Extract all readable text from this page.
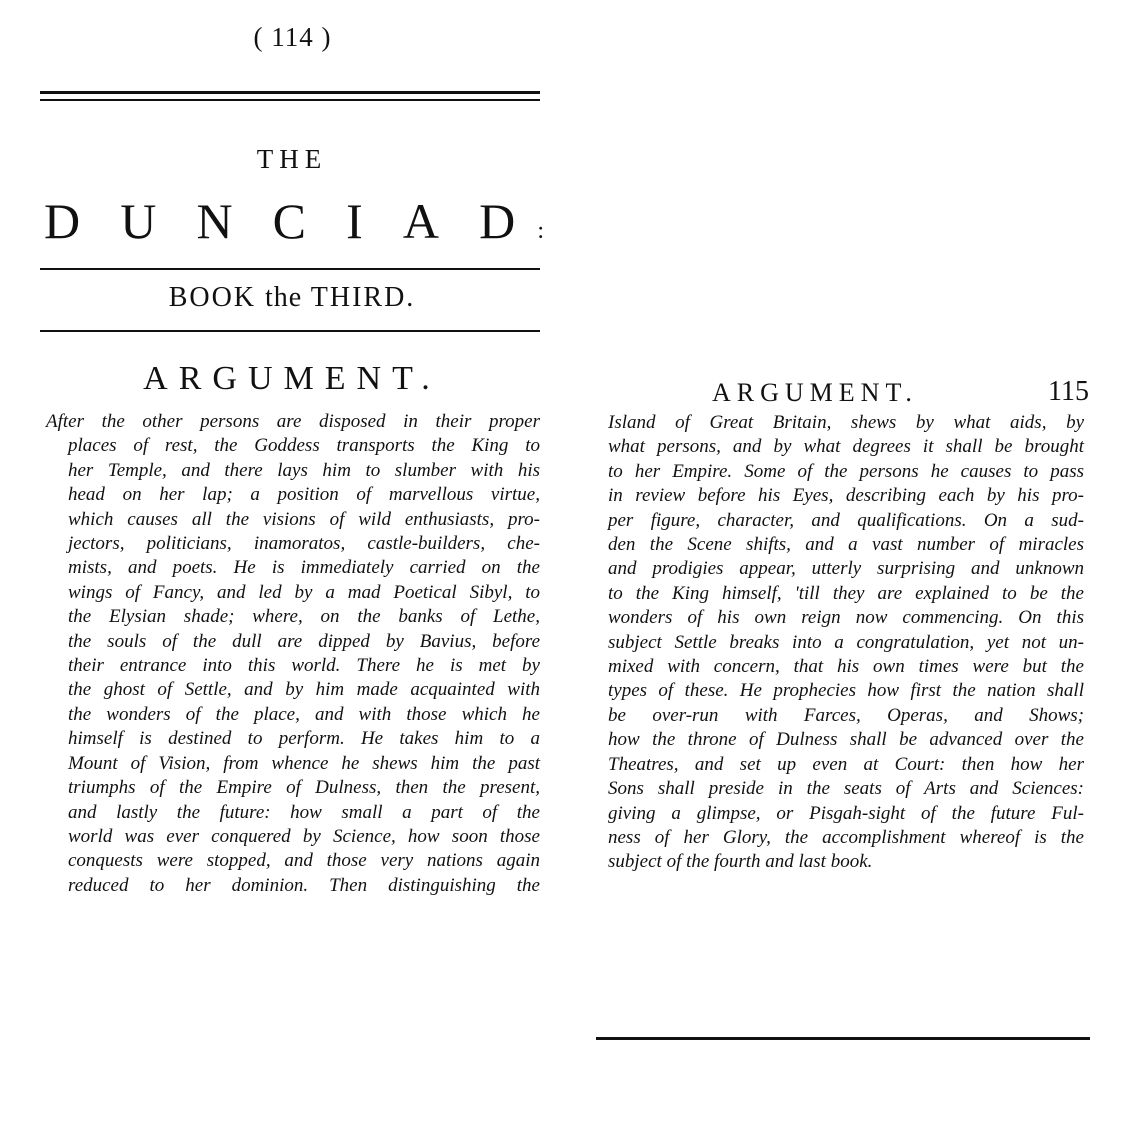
( 114 )
THE
D U N C I A D :
BOOK the THIRD.
ARGUMENT.
After the other persons are disposed in their proper
places of rest, the Goddess transports the King to
her Temple, and there lays him to slumber with his
head on her lap; a position of marvellous virtue,
which causes all the visions of wild enthusiasts, pro-
jectors, politicians, inamoratos, castle-builders, che-
mists, and poets. He is immediately carried on the
wings of Fancy, and led by a mad Poetical Sibyl, to
the Elysian shade; where, on the banks of Lethe,
the souls of the dull are dipped by Bavius, before
their entrance into this world. There he is met by
the ghost of Settle, and by him made acquainted with
the wonders of the place, and with those which he
himself is destined to perform. He takes him to a
Mount of Vision, from whence he shews him the past
triumphs of the Empire of Dulness, then the present,
and lastly the future: how small a part of the
world was ever conquered by Science, how soon those
conquests were stopped, and those very nations again
reduced to her dominion. Then distinguishing the
ARGUMENT.	115
Island of Great Britain, shews by what aids, by
what persons, and by what degrees it shall be brought
to her Empire. Some of the persons he causes to pass
in review before his Eyes, describing each by his pro-
per figure, character, and qualifications. On a sud-
den the Scene shifts, and a vast number of miracles
and prodigies appear, utterly surprising and unknown
to the King himself, 'till they are explained to be the
wonders of his own reign now commencing. On this
subject Settle breaks into a congratulation, yet not un-
mixed with concern, that his own times were but the
types of these. He prophecies how first the nation shall
be over-run with Farces, Operas, and Shows;
how the throne of Dulness shall be advanced over the
Theatres, and set up even at Court: then how her
Sons shall preside in the seats of Arts and Sciences:
giving a glimpse, or Pisgah-sight of the future Ful-
ness of her Glory, the accomplishment whereof is the
subject of the fourth and last book.
